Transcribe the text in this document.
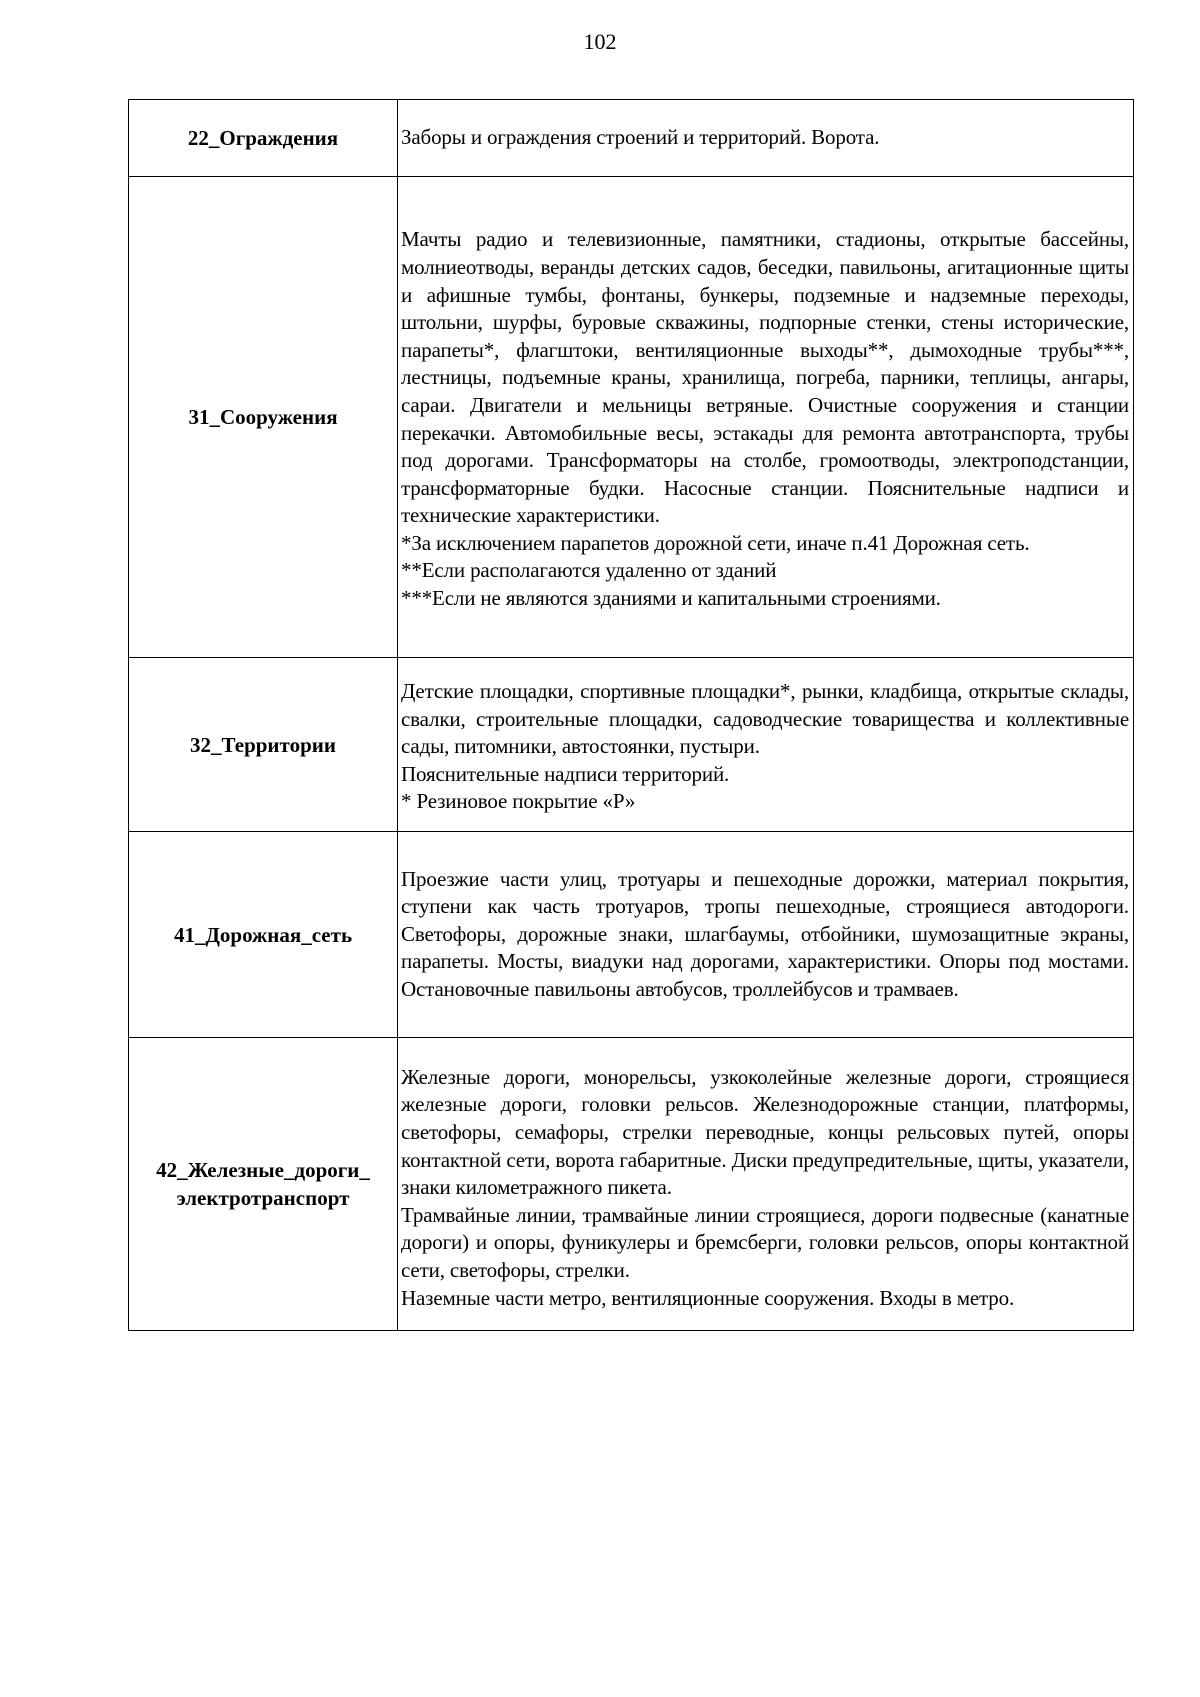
102
22_Ограждения	Заборы и ограждения строений и территорий. Ворота.

31_Сооружения	Мачты радио и телевизионные, памятники, стадионы, открытые бассейны, молниеотводы, веранды детских садов, беседки, павильоны, агитационные щиты и афишные тумбы, фонтаны, бункеры, подземные и надземные переходы, штольни, шурфы, буровые скважины, подпорные стенки, стены исторические, парапеты*, флагштоки, вентиляционные выходы**, дымоходные трубы***, лестницы, подъемные краны, хранилища, погреба, парники, теплицы, ангары, сараи. Двигатели и мельницы ветряные. Очистные сооружения и станции перекачки. Автомобильные весы, эстакады для ремонта автотранспорта, трубы под дорогами. Трансформаторы на столбе, громоотводы, электроподстанции, трансформаторные будки. Насосные станции. Пояснительные надписи и технические характеристики.
*За исключением парапетов дорожной сети, иначе п.41 Дорожная сеть.
**Если располагаются удаленно от зданий
***Если не являются зданиями и капитальными строениями.

32_Территории	Детские площадки, спортивные площадки*, рынки, кладбища, открытые склады, свалки, строительные площадки, садоводческие товарищества и коллективные сады, питомники, автостоянки, пустыри.
Пояснительные надписи территорий.
* Резиновое покрытие «Р»

41_Дорожная_сеть	Проезжие части улиц, тротуары и пешеходные дорожки, материал покрытия, ступени как часть тротуаров, тропы пешеходные, строящиеся автодороги. Светофоры, дорожные знаки, шлагбаумы, отбойники, шумозащитные экраны, парапеты. Мосты, виадуки над дорогами, характеристики. Опоры под мостами. Остановочные павильоны автобусов, троллейбусов и трамваев.

42_Железные_дороги_
электротранспорт	Железные дороги, монорельсы, узкоколейные железные дороги, строящиеся железные дороги, головки рельсов. Железнодорожные станции, платформы, светофоры, семафоры, стрелки переводные, концы рельсовых путей, опоры контактной сети, ворота габаритные. Диски предупредительные, щиты, указатели, знаки километражного пикета.
Трамвайные линии, трамвайные линии строящиеся, дороги подвесные (канатные дороги) и опоры, фуникулеры и бремсберги, головки рельсов, опоры контактной сети, светофоры, стрелки.
Наземные части метро, вентиляционные сооружения. Входы в метро.
